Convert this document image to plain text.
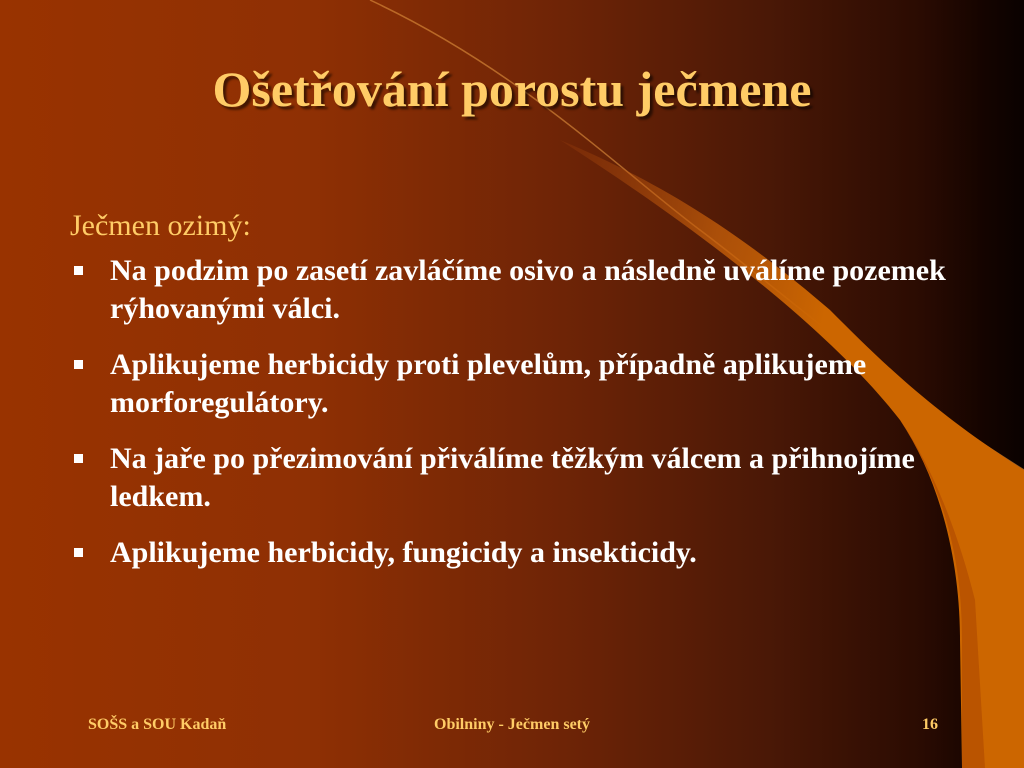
Ošetřování porostu ječmene

Ječmen ozimý:

Na podzim po zasetí zavláčíme osivo a následně uválíme pozemek rýhovanými válci.
Aplikujeme herbicidy proti plevelům, případně aplikujeme morforegulátory.
Na jaře po přezimování přiválíme těžkým válcem a přihnojíme ledkem.
Aplikujeme herbicidy, fungicidy a insekticidy.
SOŠS a SOU Kadaň	Obilniny - Ječmen setý	16
